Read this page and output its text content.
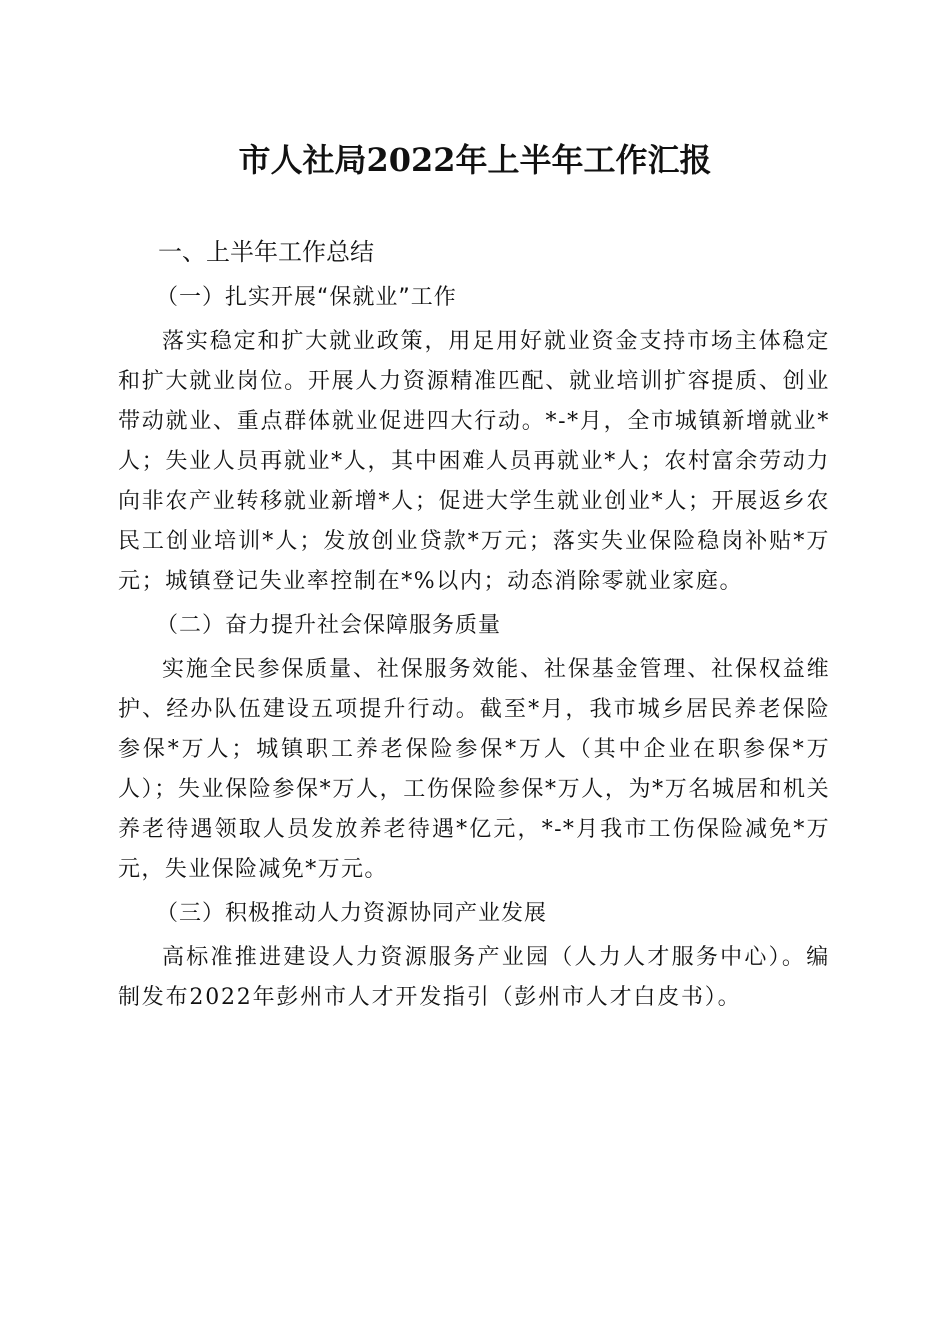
市人社局2022年上半年工作汇报
一、上半年工作总结
（一）扎实开展“保就业”工作

落实稳定和扩大就业政策，用足用好就业资金支持市场主体稳定和扩大就业岗位。开展人力资源精准匹配、就业培训扩容提质、创业带动就业、重点群体就业促进四大行动。*-*月，全市城镇新增就业*人；失业人员再就业*人，其中困难人员再就业*人；农村富余劳动力向非农产业转移就业新增*人；促进大学生就业创业*人；开展返乡农民工创业培训*人；发放创业贷款*万元；落实失业保险稳岗补贴*万元；城镇登记失业率控制在*%以内；动态消除零就业家庭。

（二）奋力提升社会保障服务质量

实施全民参保质量、社保服务效能、社保基金管理、社保权益维护、经办队伍建设五项提升行动。截至*月，我市城乡居民养老保险参保*万人；城镇职工养老保险参保*万人（其中企业在职参保*万人）；失业保险参保*万人，工伤保险参保*万人，为*万名城居和机关养老待遇领取人员发放养老待遇*亿元，*-*月我市工伤保险减免*万元，失业保险减免*万元。

（三）积极推动人力资源协同产业发展

高标准推进建设人力资源服务产业园（人力人才服务中心）。编制发布2022年彭州市人才开发指引（彭州市人才白皮书）。
